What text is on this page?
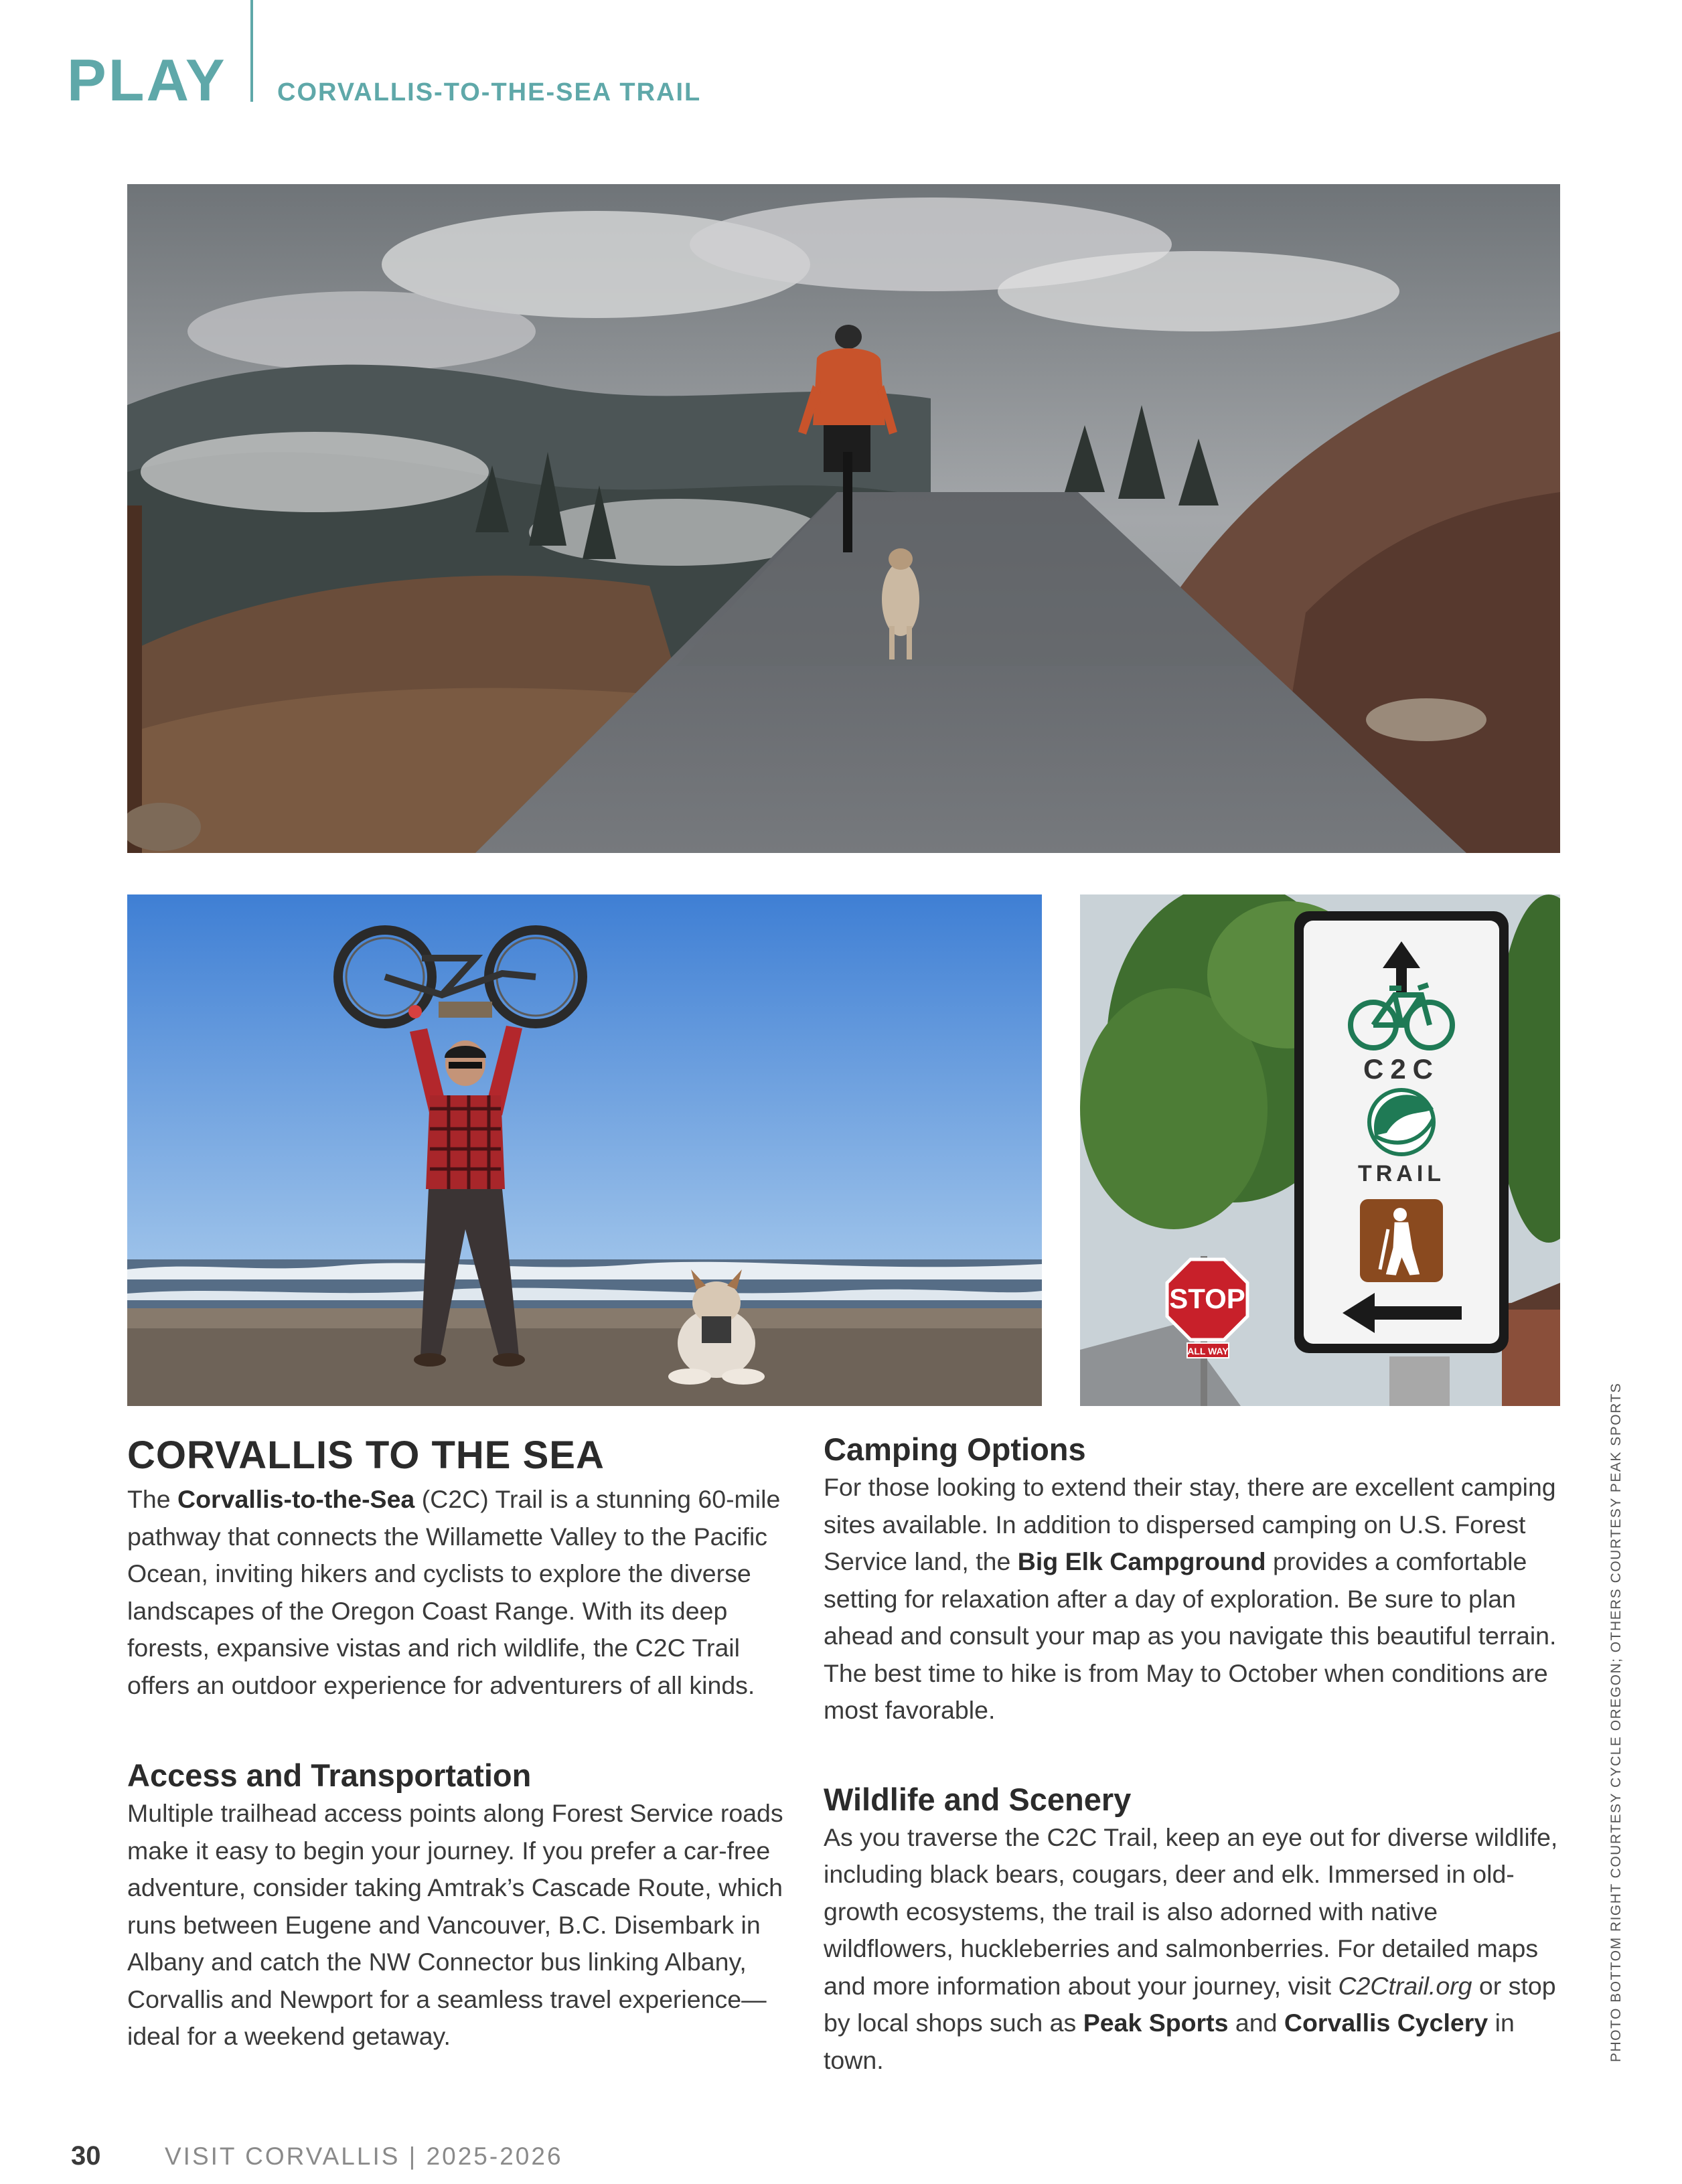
PLAY CORVALLIS-TO-THE-SEA TRAIL
C2C
TRAIL
STOP
ALL WAY
CORVALLIS TO THE SEA

The Corvallis-to-the-Sea (C2C) Trail is a stunning 60-mile pathway that connects the Willamette Valley to the Pacific Ocean, inviting hikers and cyclists to explore the diverse landscapes of the Oregon Coast Range. With its deep forests, expansive vistas and rich wildlife, the C2C Trail offers an outdoor experience for adventurers of all kinds.

Access and Transportation

Multiple trailhead access points along Forest Service roads make it easy to begin your journey. If you prefer a car-free adventure, consider taking Amtrak’s Cascade Route, which runs between Eugene and Vancouver, B.C. Disembark in Albany and catch the NW Connector bus linking Albany, Corvallis and Newport for a seamless travel experience—ideal for a weekend getaway.

Camping Options

For those looking to extend their stay, there are excellent camping sites available. In addition to dispersed camping on U.S. Forest Service land, the Big Elk Campground provides a comfortable setting for relaxation after a day of exploration. Be sure to plan ahead and consult your map as you navigate this beautiful terrain. The best time to hike is from May to October when conditions are most favorable.

Wildlife and Scenery

As you traverse the C2C Trail, keep an eye out for diverse wildlife, including black bears, cougars, deer and elk. Immersed in old-growth ecosystems, the trail is also adorned with native wildflowers, huckleberries and salmonberries. For detailed maps and more information about your journey, visit C2Ctrail.org or stop by local shops such as Peak Sports and Corvallis Cyclery in town.	PHOTO BOTTOM RIGHT COURTESY CYCLE OREGON; OTHERS COURTESY PEAK SPORTS
30	VISIT CORVALLIS | 2025-2026
